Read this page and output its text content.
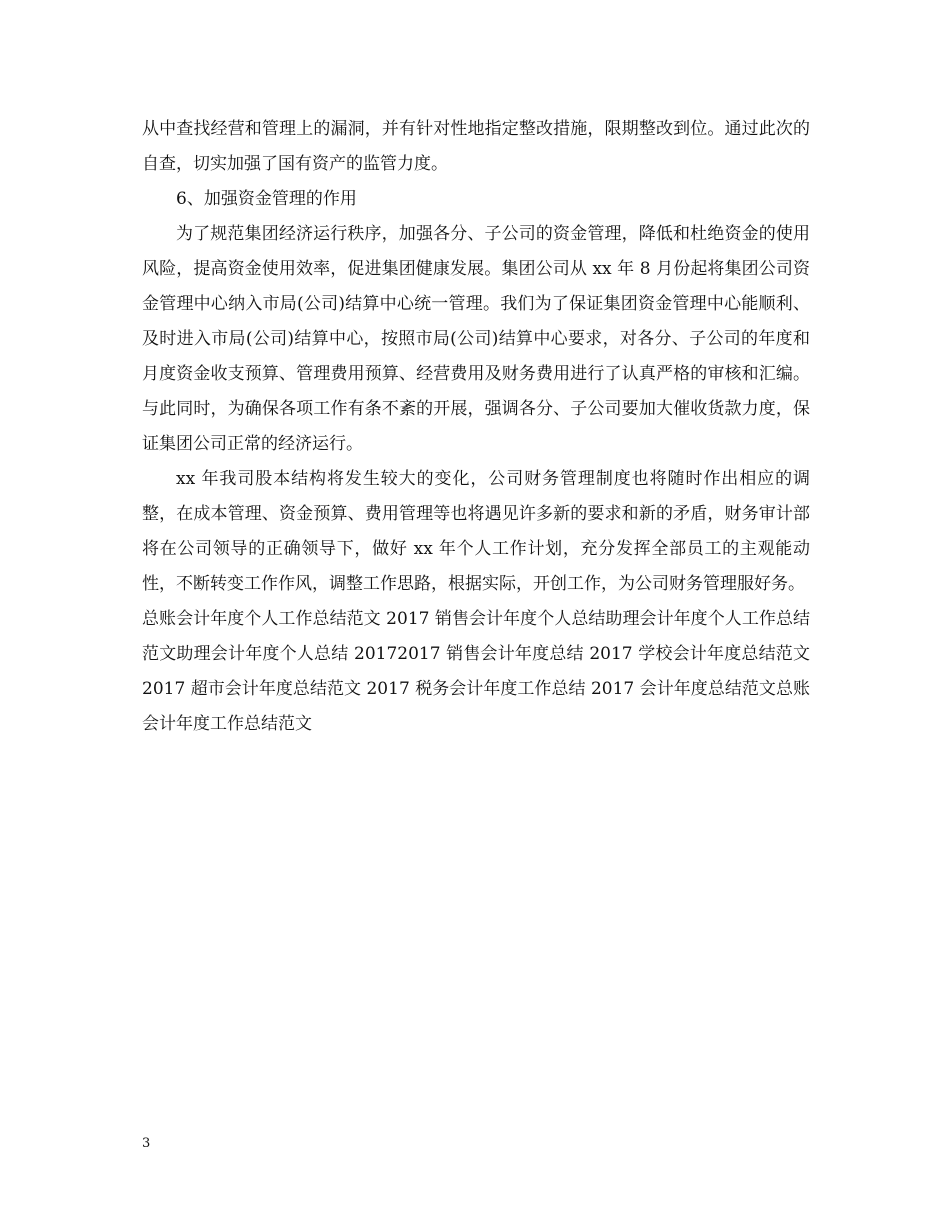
从中查找经营和管理上的漏洞，并有针对性地指定整改措施，限期整改到位。通过此次的自查，切实加强了国有资产的监管力度。

6、加强资金管理的作用

为了规范集团经济运行秩序，加强各分、子公司的资金管理，降低和杜绝资金的使用风险，提高资金使用效率，促进集团健康发展。集团公司从 xx 年 8 月份起将集团公司资金管理中心纳入市局(公司)结算中心统一管理。我们为了保证集团资金管理中心能顺利、及时进入市局(公司)结算中心，按照市局(公司)结算中心要求，对各分、子公司的年度和月度资金收支预算、管理费用预算、经营费用及财务费用进行了认真严格的审核和汇编。与此同时，为确保各项工作有条不紊的开展，强调各分、子公司要加大催收货款力度，保证集团公司正常的经济运行。

xx 年我司股本结构将发生较大的变化，公司财务管理制度也将随时作出相应的调整，在成本管理、资金预算、费用管理等也将遇见许多新的要求和新的矛盾，财务审计部将在公司领导的正确领导下，做好 xx 年个人工作计划，充分发挥全部员工的主观能动性，不断转变工作作风，调整工作思路，根据实际，开创工作，为公司财务管理服好务。

总账会计年度个人工作总结范文 2017 销售会计年度个人总结助理会计年度个人工作总结范文助理会计年度个人总结 20172017 销售会计年度总结 2017 学校会计年度总结范文 2017 超市会计年度总结范文 2017 税务会计年度工作总结 2017 会计年度总结范文总账会计年度工作总结范文

3
